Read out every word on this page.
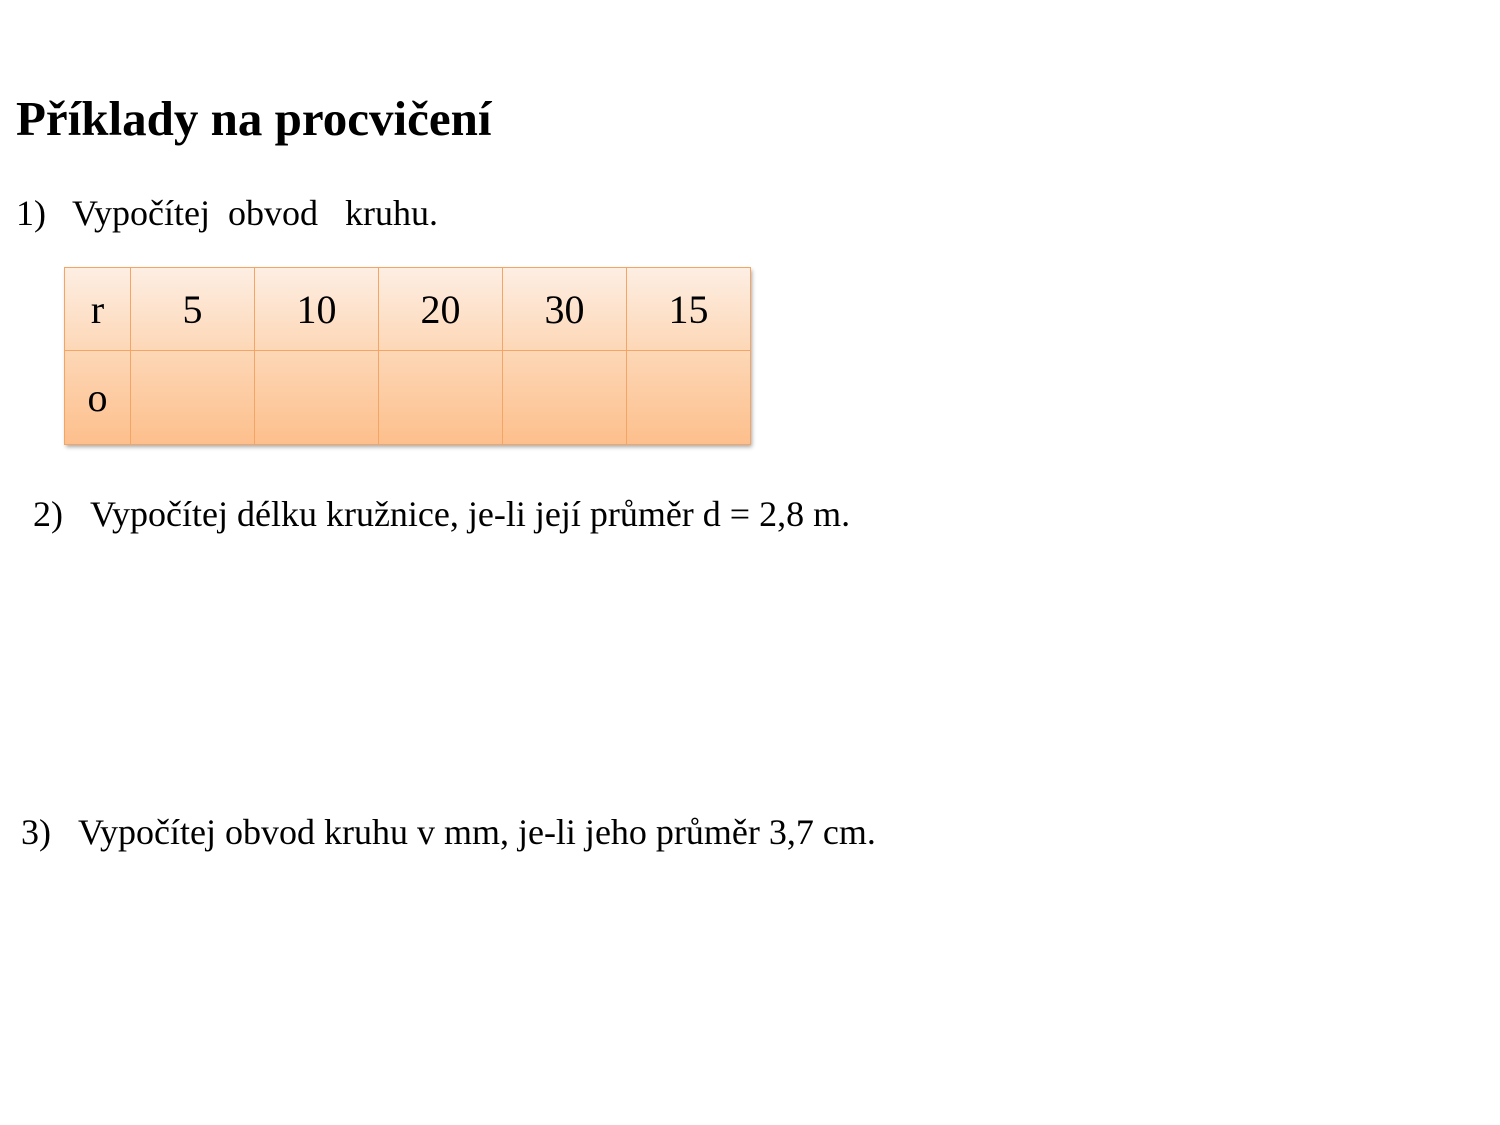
Příklady na procvičení
1) Vypočítej  obvod   kruhu.
r	5	10	20	30	15
o					
2) Vypočítej délku kružnice, je-li její průměr d = 2,8 m.
3) Vypočítej obvod kruhu v mm, je-li jeho průměr 3,7 cm.
